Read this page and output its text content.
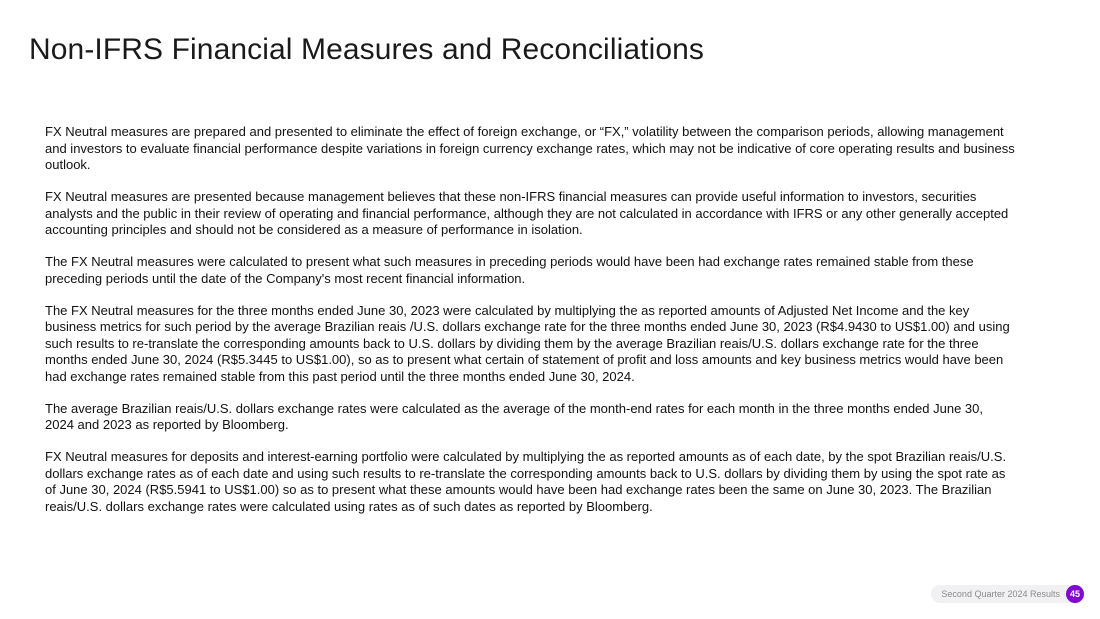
Non-IFRS Financial Measures and Reconciliations

FX Neutral measures are prepared and presented to eliminate the effect of foreign exchange, or “FX,” volatility between the comparison periods, allowing management and investors to evaluate financial performance despite variations in foreign currency exchange rates, which may not be indicative of core operating results and business outlook.

FX Neutral measures are presented because management believes that these non-IFRS financial measures can provide useful information to investors, securities analysts and the public in their review of operating and financial performance, although they are not calculated in accordance with IFRS or any other generally accepted accounting principles and should not be considered as a measure of performance in isolation.

The FX Neutral measures were calculated to present what such measures in preceding periods would have been had exchange rates remained stable from these preceding periods until the date of the Company's most recent financial information.

The FX Neutral measures for the three months ended June 30, 2023 were calculated by multiplying the as reported amounts of Adjusted Net Income and the key business metrics for such period by the average Brazilian reais /U.S. dollars exchange rate for the three months ended June 30, 2023 (R$4.9430 to US$1.00) and using such results to re-translate the corresponding amounts back to U.S. dollars by dividing them by the average Brazilian reais/U.S. dollars exchange rate for the three months ended June 30, 2024 (R$5.3445 to US$1.00), so as to present what certain of statement of profit and loss amounts and key business metrics would have been had exchange rates remained stable from this past period until the three months ended June 30, 2024.

The average Brazilian reais/U.S. dollars exchange rates were calculated as the average of the month-end rates for each month in the three months ended June 30, 2024 and 2023 as reported by Bloomberg.

FX Neutral measures for deposits and interest-earning portfolio were calculated by multiplying the as reported amounts as of each date, by the spot Brazilian reais/U.S. dollars exchange rates as of each date and using such results to re-translate the corresponding amounts back to U.S. dollars by dividing them by using the spot rate as of June 30, 2024 (R$5.5941 to US$1.00) so as to present what these amounts would have been had exchange rates been the same on June 30, 2023. The Brazilian reais/U.S. dollars exchange rates were calculated using rates as of such dates as reported by Bloomberg.

Second Quarter 2024 Results	45
